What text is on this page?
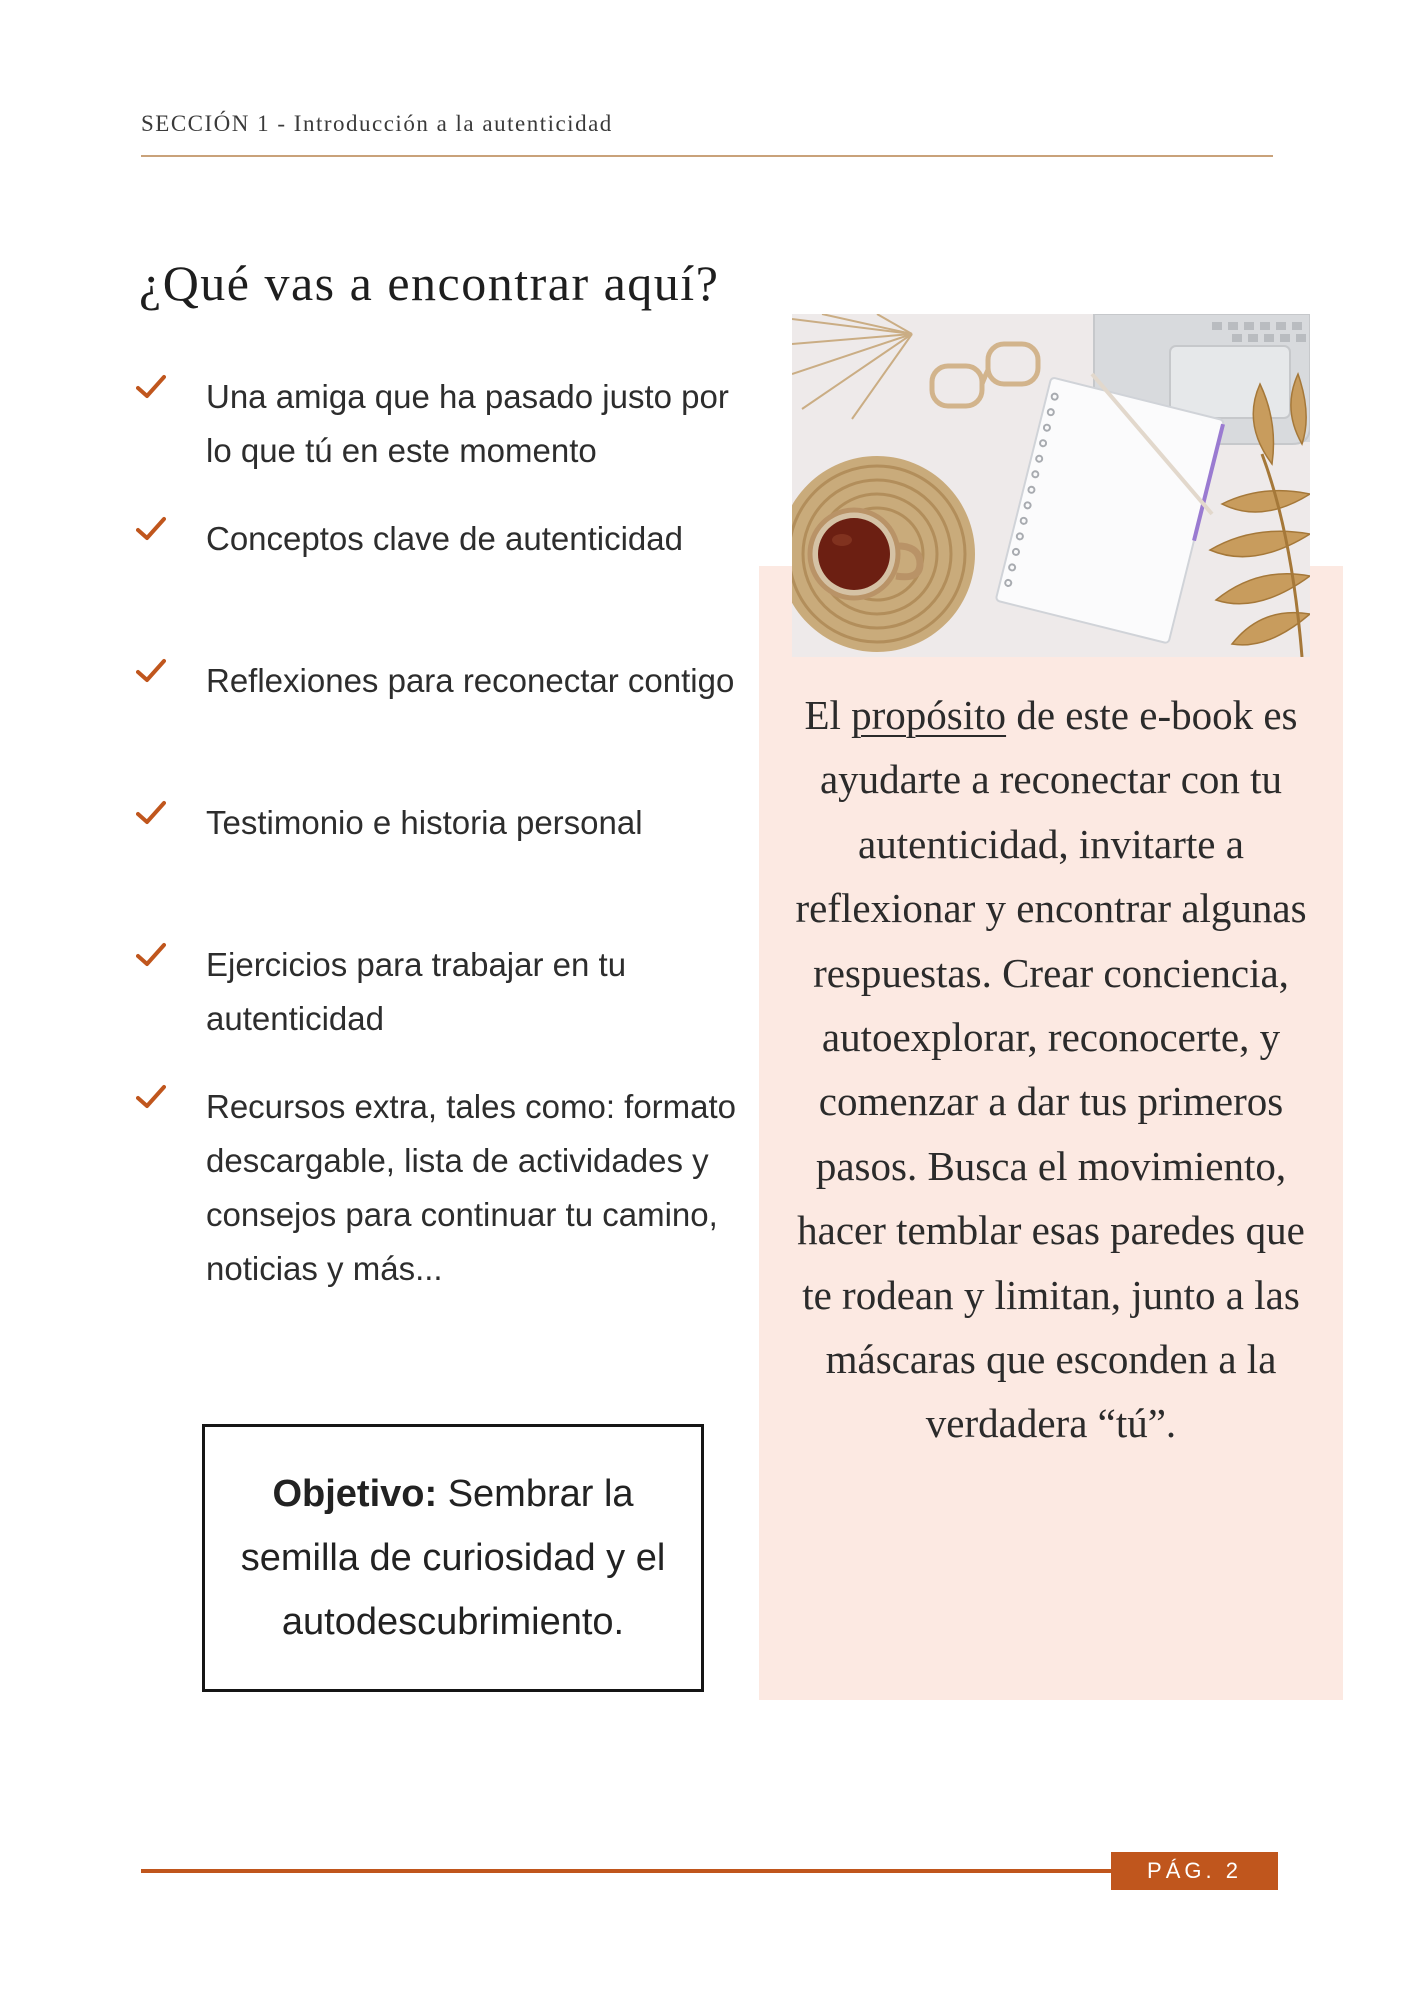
SECCIÓN 1 - Introducción a la autenticidad
¿Qué vas a encontrar aquí?
Una amiga que ha pasado justo por lo que tú en este momento
Conceptos clave de autenticidad
Reflexiones para reconectar contigo
Testimonio e historia personal
Ejercicios para trabajar en tu autenticidad
Recursos extra, tales como: formato descargable, lista de actividades y consejos para continuar tu camino, noticias y más...
Objetivo: Sembrar la semilla de curiosidad y el autodescubrimiento.

El propósito de este e-book es ayudarte a reconectar con tu autenticidad, invitarte a reflexionar y encontrar algunas respuestas. Crear conciencia, autoexplorar, reconocerte, y comenzar a dar tus primeros pasos. Busca el movimiento, hacer temblar esas paredes que te rodean y limitan, junto a las máscaras que esconden a la verdadera “tú”.

PÁG. 2
